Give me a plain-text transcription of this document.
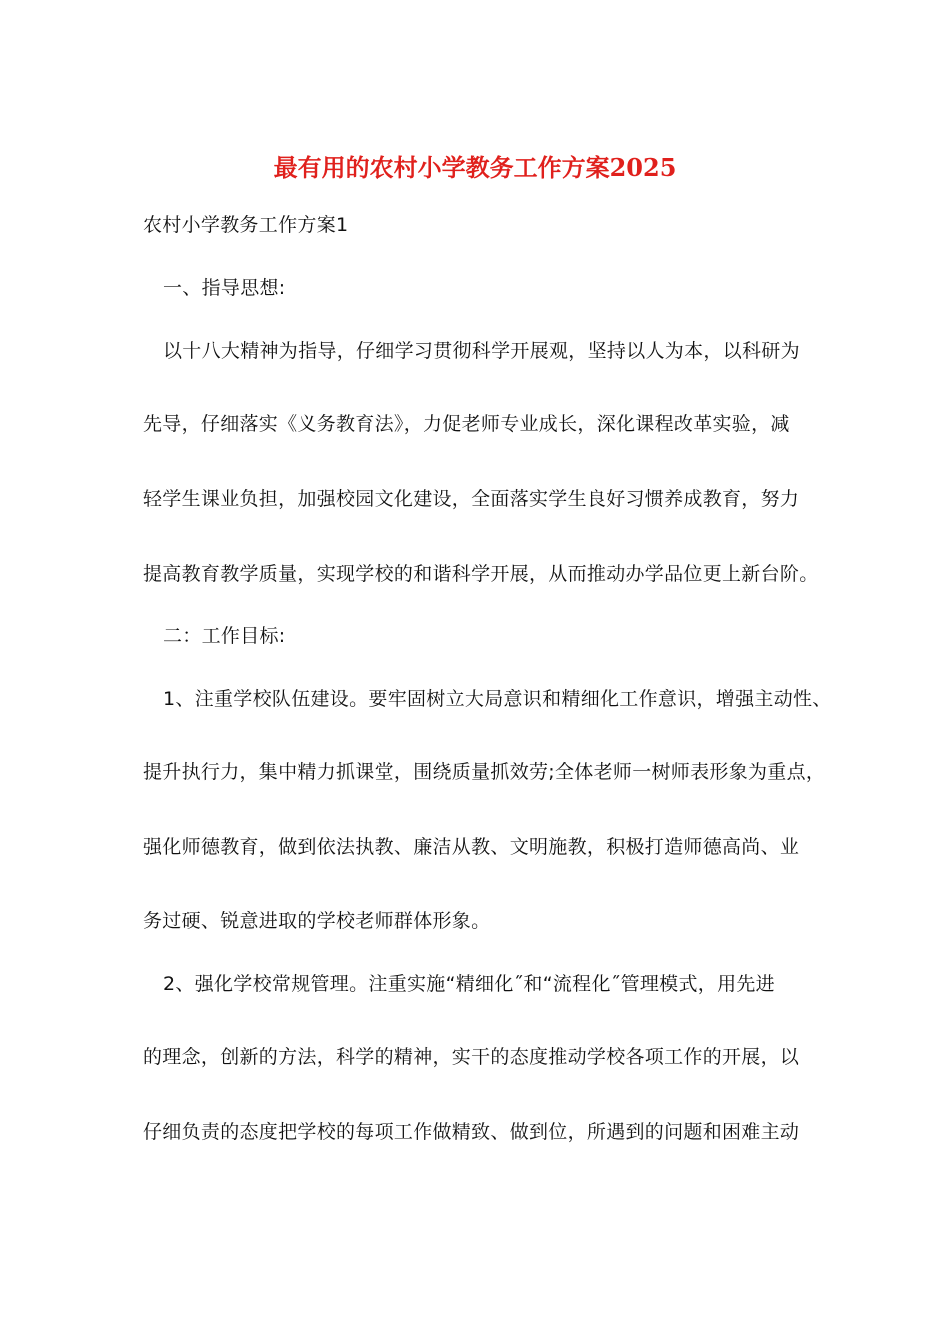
最有用的农村小学教务工作方案2025

农村小学教务工作方案1

一、指导思想:

以十八大精神为指导，仔细学习贯彻科学开展观，坚持以人为本，以科研为

先导，仔细落实《义务教育法》，力促老师专业成长，深化课程改革实验，减

轻学生课业负担，加强校园文化建设，全面落实学生良好习惯养成教育，努力

提高教育教学质量，实现学校的和谐科学开展，从而推动办学品位更上新台阶。

二：工作目标:

1、注重学校队伍建设。要牢固树立大局意识和精细化工作意识，增强主动性、

提升执行力，集中精力抓课堂，围绕质量抓效劳;全体老师一树师表形象为重点，

强化师德教育，做到依法执教、廉洁从教、文明施教，积极打造师德高尚、业

务过硬、锐意进取的学校老师群体形象。

2、强化学校常规管理。注重实施“精细化˝和“流程化˝管理模式，用先进

的理念，创新的方法，科学的精神，实干的态度推动学校各项工作的开展，以

仔细负责的态度把学校的每项工作做精致、做到位，所遇到的问题和困难主动
